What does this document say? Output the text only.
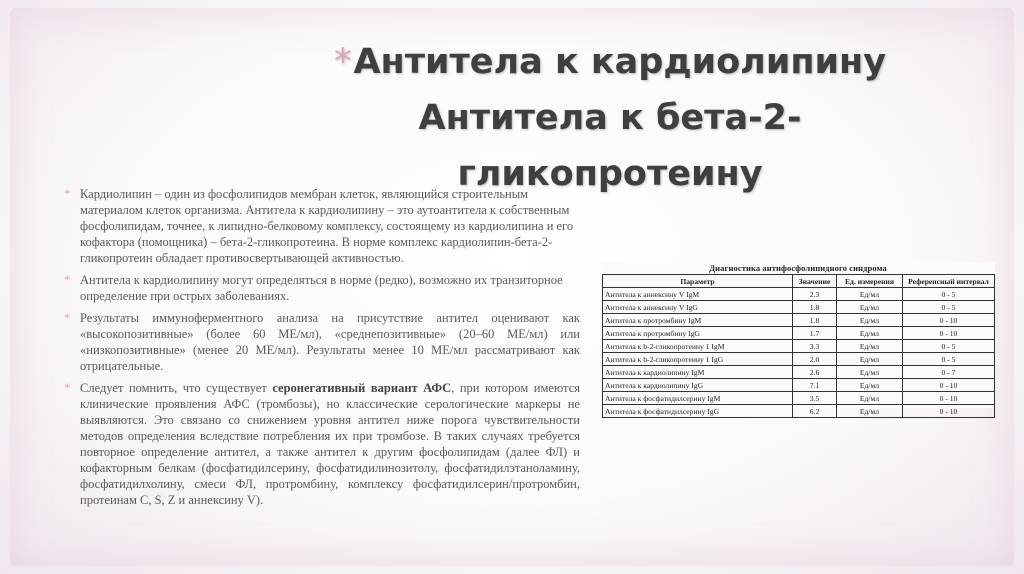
*Антитела к кардиолипину
Антитела к бета-2-
гликопротеину
* Кардиолипин – один из фосфолипидов мембран клеток, являющийся строительным материалом клеток организма. Антитела к кардиолипину – это аутоантитела к собственным фосфолипидам, точнее, к липидно-белковому комплексу, состоящему из кардиолипина и его кофактора (помощника) – бета-2-гликопротеина. В норме комплекс кардиолипин-бета-2-гликопротеин обладает противосвертывающей активностью.
* Антитела к кардиолипину могут определяться в норме (редко), возможно их транзиторное определение при острых заболеваниях.
* Результаты иммуноферментного анализа на присутствие антител оценивают как «высокопозитивные» (более 60 МЕ/мл), «среднепозитивные» (20–60 МЕ/мл) или «низкопозитивные» (менее 20 МЕ/мл). Результаты менее 10 МЕ/мл рассматривают как отрицательные.
* Следует помнить, что существует серонегативный вариант АФС, при котором имеются клинические проявления АФС (тромбозы), но классические серологические маркеры не выявляются. Это связано со снижением уровня антител ниже порога чувствительности методов определения вследствие потребления их при тромбозе. В таких случаях требуется повторное определение антител, а также антител к другим фосфолипидам (далее ФЛ) и кофакторным белкам (фосфатидилсерину, фосфатидилинозитолу, фосфатидилэтаноламину, фосфатидилхолину, смеси ФЛ, протромбину, комплексу фосфатидилсерин/протромбин, протеинам C, S, Z и аннексину V).
Диагностика антифосфолипидного синдрома
Параметр	Значение	Ед. измерения	Референсный интервал
Антитела к аннексину V IgM	2.3	Ед/мл	0 - 5
Антитела к аннексину V IgG	1.8	Ед/мл	0 - 5
Антитела к протромбину IgM	1.8	Ед/мл	0 - 10
Антитела к протромбину IgG	1.7	Ед/мл	0 - 10
Антитела к b-2-гликопротеину 1 IgM	3.3	Ед/мл	0 - 5
Антитела к b-2-гликопротеину 1 IgG	2.0	Ед/мл	0 - 5
Антитела к кардиолипину IgM	2.6	Ед/мл	0 - 7
Антитела к кардиолипину IgG	7.1	Ед/мл	0 - 10
Антитела к фосфатидилсерину IgM	3.5	Ед/мл	0 - 10
Антитела к фосфатидилсерину IgG	6.2	Ед/мл	0 - 10
